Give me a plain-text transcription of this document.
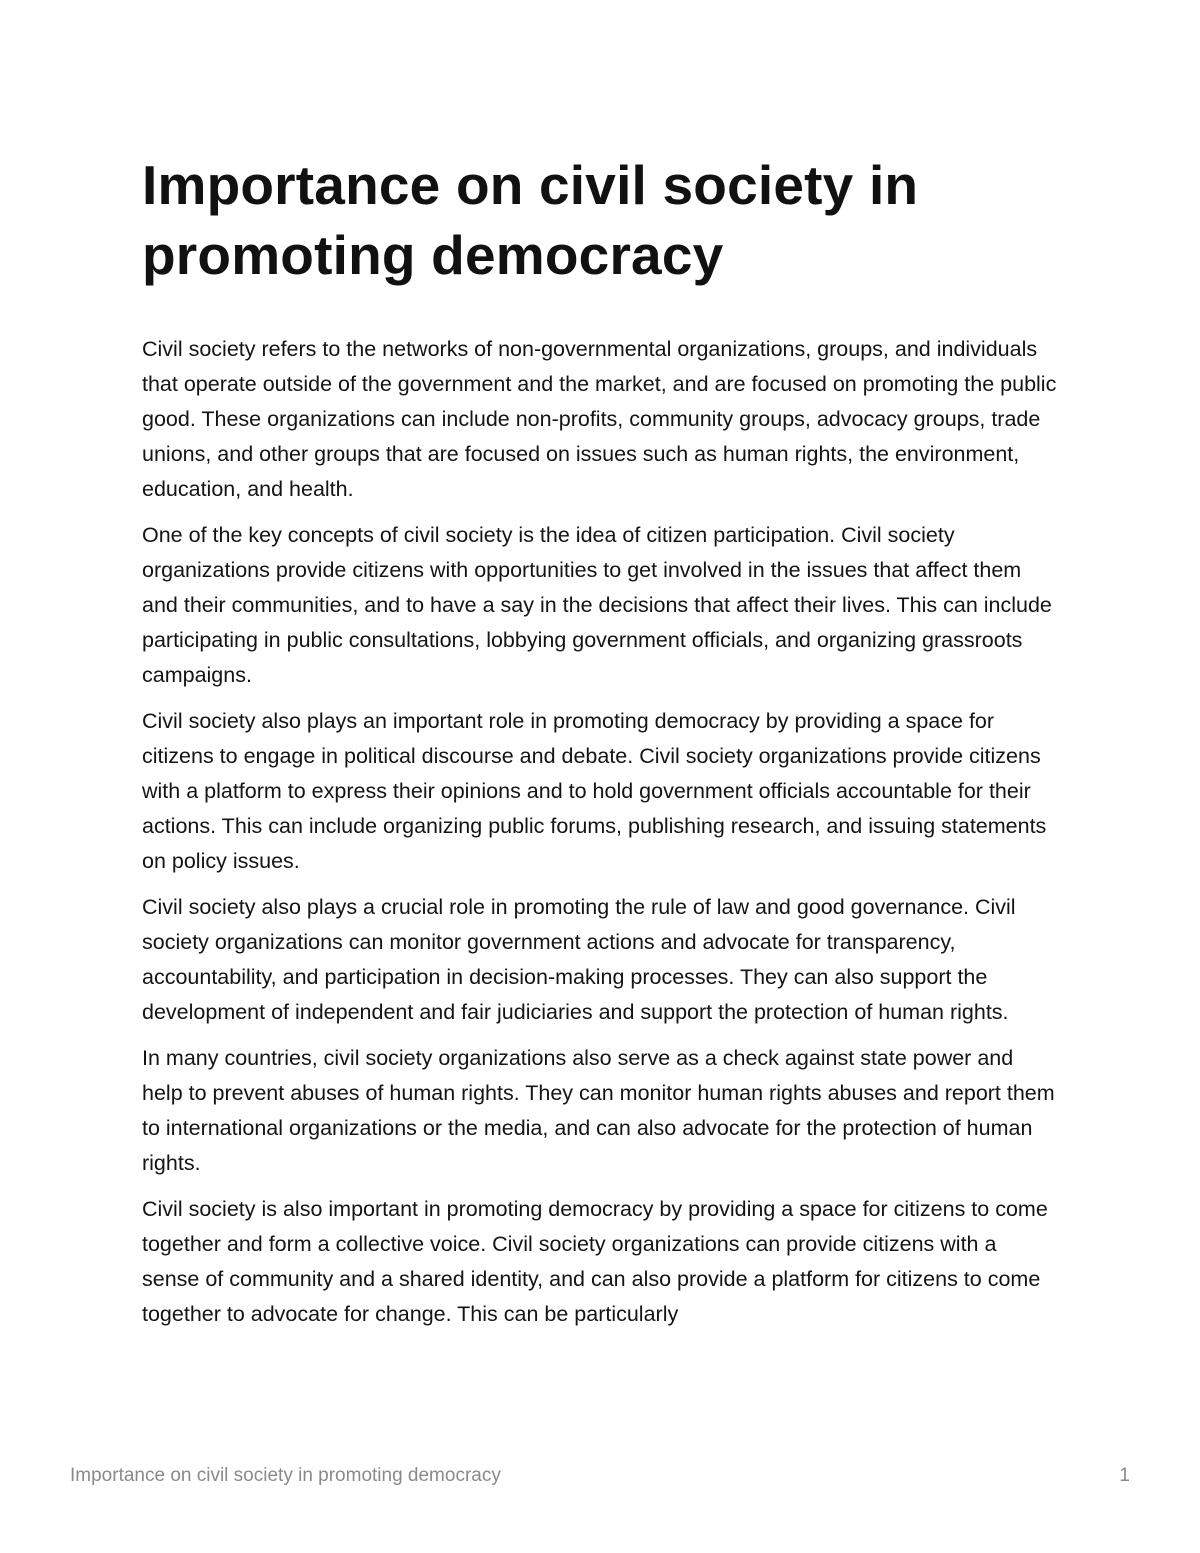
Importance on civil society in promoting democracy

Civil society refers to the networks of non-governmental organizations, groups, and individuals that operate outside of the government and the market, and are focused on promoting the public good. These organizations can include non-profits, community groups, advocacy groups, trade unions, and other groups that are focused on issues such as human rights, the environment, education, and health.

One of the key concepts of civil society is the idea of citizen participation. Civil society organizations provide citizens with opportunities to get involved in the issues that affect them and their communities, and to have a say in the decisions that affect their lives. This can include participating in public consultations, lobbying government officials, and organizing grassroots campaigns.

Civil society also plays an important role in promoting democracy by providing a space for citizens to engage in political discourse and debate. Civil society organizations provide citizens with a platform to express their opinions and to hold government officials accountable for their actions. This can include organizing public forums, publishing research, and issuing statements on policy issues.

Civil society also plays a crucial role in promoting the rule of law and good governance. Civil society organizations can monitor government actions and advocate for transparency, accountability, and participation in decision-making processes. They can also support the development of independent and fair judiciaries and support the protection of human rights.

In many countries, civil society organizations also serve as a check against state power and help to prevent abuses of human rights. They can monitor human rights abuses and report them to international organizations or the media, and can also advocate for the protection of human rights.

Civil society is also important in promoting democracy by providing a space for citizens to come together and form a collective voice. Civil society organizations can provide citizens with a sense of community and a shared identity, and can also provide a platform for citizens to come together to advocate for change. This can be particularly

Importance on civil society in promoting democracy	1
